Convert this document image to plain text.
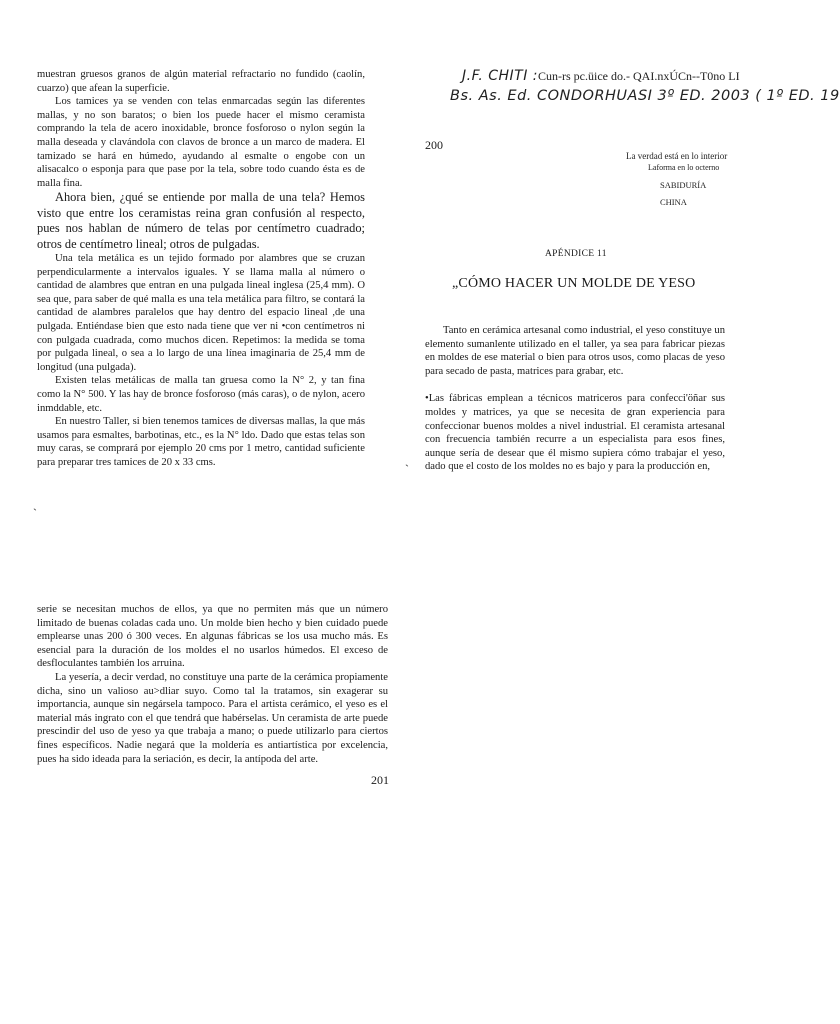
muestran gruesos granos de algún material refractario no fundido (caolín, cuarzo) que afean la superficie.

Los tamices ya se venden con telas enmarcadas según las diferentes mallas, y no son baratos; o bien los puede hacer el mismo ceramista comprando la tela de acero inoxidable, bronce fosforoso o nylon según la malla deseada y clavándola con clavos de bronce a un marco de madera. El tamizado se hará en húmedo, ayudando al esmalte o engobe con un alisacalco o esponja para que pase por la tela, sobre todo cuando ésta es de malla fina.

Ahora bien, ¿qué se entiende por malla de una tela? Hemos visto que entre los ceramistas reina gran confusión al respecto, pues nos hablan de número de telas por centímetro cuadrado; otros de centímetro lineal; otros de pulgadas.

Una tela metálica es un tejido formado por alambres que se cruzan perpendicularmente a intervalos iguales. Y se llama malla al número o cantidad de alambres que entran en una pulgada lineal inglesa (25,4 mm). O sea que, para saber de qué malla es una tela metálica para filtro, se contará la cantidad de alambres paralelos que hay dentro del espacio lineal ,de una pulgada. Entiéndase bien que esto nada tiene que ver ni •con centímetros ni con pulgada cuadrada, como muchos dicen. Repetimos: la medida se toma por pulgada lineal, o sea a lo largo de una línea imaginaria de 25,4 mm de longitud (una pulgada).

Existen telas metálicas de malla tan gruesa como la N° 2, y tan fina como la N° 500. Y las hay de bronce fosforoso (más caras), o de nylon, acero inmddable, etc.

En nuestro Taller, si bien tenemos tamices de diversas mallas, la que más usamos para esmaltes, barbotinas, etc., es la N° ldo. Dado que estas telas son muy caras, se comprará por ejemplo 20 cms por 1 metro, cantidad suficiente para preparar tres tamices de 20 x 33 cms.

J.F. CHITI :Cun-rs pc.üice do.- QAI.nxÚCn--T0no LI
Bs. As. Ed. CONDORHUASI 3º ED. 2003 ( 1º ED. 19
200
La verdad está en lo interior
Laforma en lo octerno
SABIDURÍA
CHINA
APÉNDICE 11
„CÓMO HACER UN MOLDE DE YESO

Tanto en cerámica artesanal como industrial, el yeso constituye un elemento sumanlente utilizado en el taller, ya sea para fabricar piezas en moldes de ese material o bien para otros usos, como placas de yeso para secado de pasta, matrices para grabar, etc.

•Las fábricas emplean a técnicos matriceros para confecci'öñar sus moldes y matrices, ya que se necesita de gran experiencia para confeccionar buenos moldes a nivel industrial. El ceramista artesanal con frecuencia también recurre a un especialista para esos fines, aunque sería de desear que él mismo supiera cómo trabajar el yeso, dado que el costo de los moldes no es bajo y para la producción en,

`
`

serie se necesitan muchos de ellos, ya que no permiten más que un número limitado de buenas coladas cada uno. Un molde bien hecho y bien cuidado puede emplearse unas 200 ó 300 veces. En algunas fábricas se los usa mucho más. Es esencial para la duración de los moldes el no usarlos húmedos. El exceso de desfloculantes también los arruina.

La yesería, a decir verdad, no constituye una parte de la cerámica propiamente dicha, sino un valioso au>dliar suyo. Como tal la tratamos, sin exagerar su importancia, aunque sin negársela tampoco. Para el artista cerámico, el yeso es el material más ingrato con el que tendrá que habérselas. Un ceramista de arte puede prescindir del uso de yeso ya que trabaja a mano; o puede utilizarlo para ciertos fines específicos. Nadie negará que la moldería es antiartística por excelencia, pues ha sido ideada para la seriación, es decir, la antípoda del arte.

201
